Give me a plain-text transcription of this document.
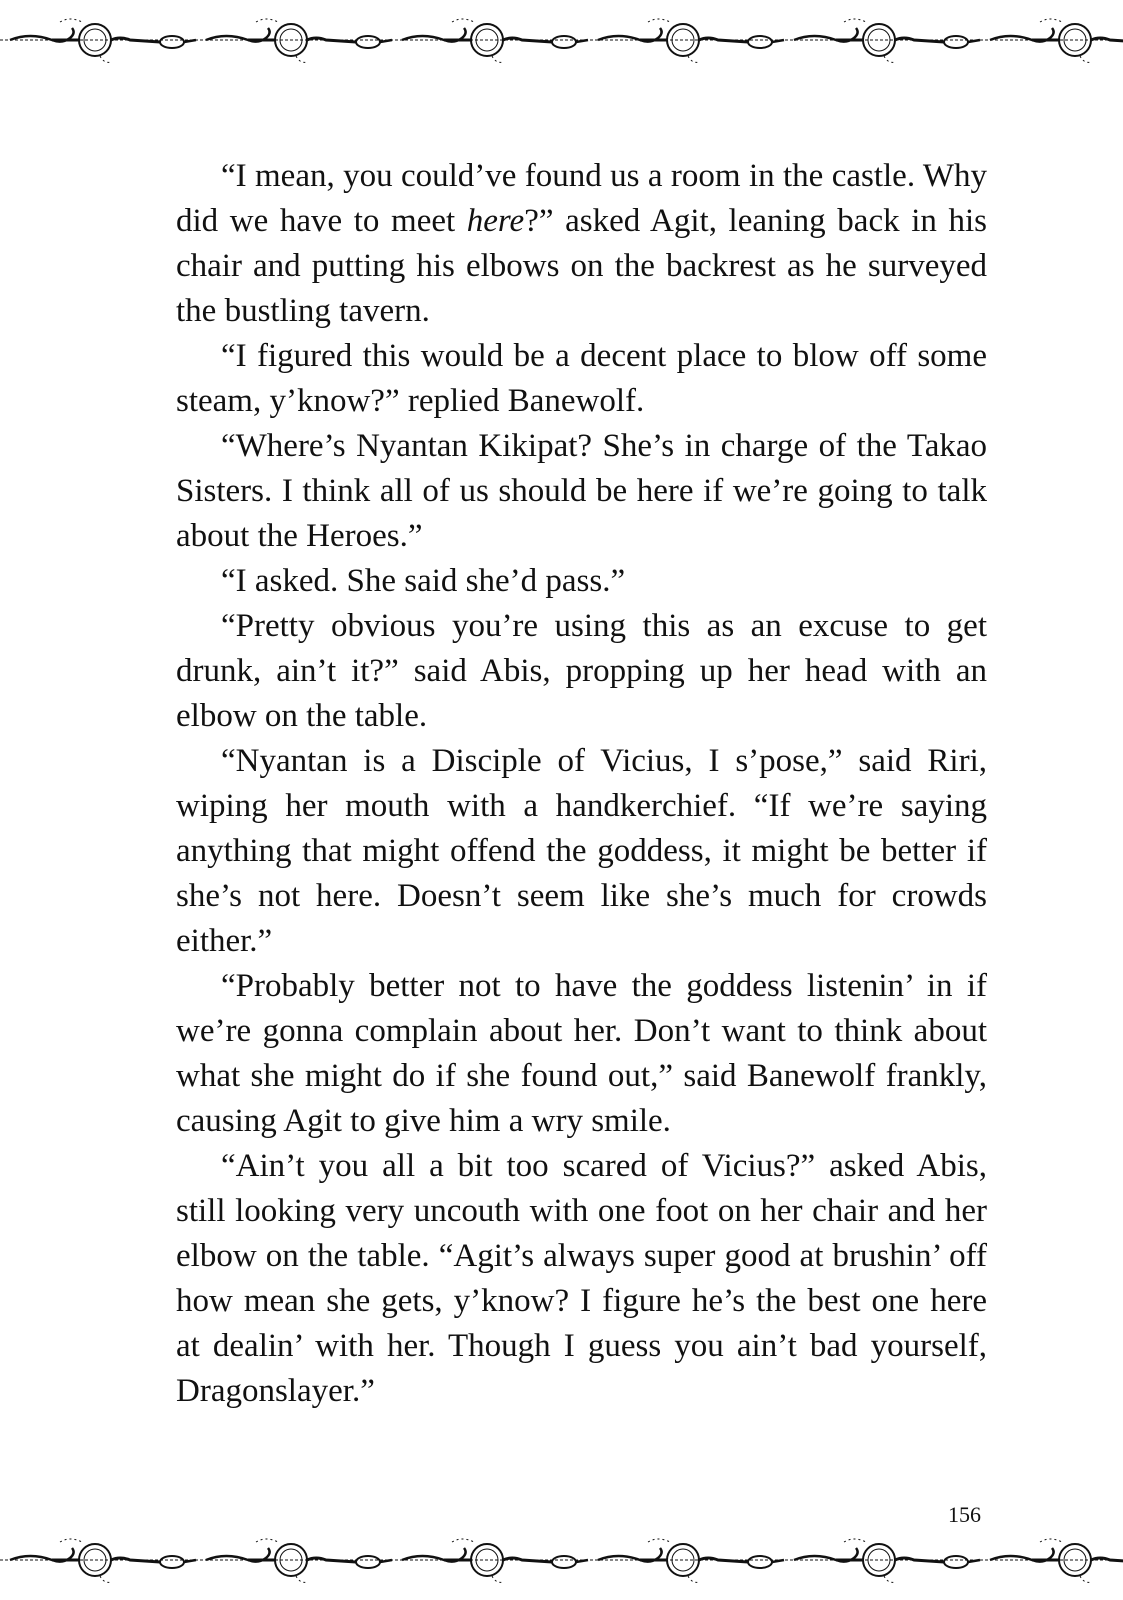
“I mean, you could’ve found us a room in the castle. Why did we have to meet here?” asked Agit, leaning back in his chair and putting his elbows on the backrest as he surveyed the bustling tavern.

“I figured this would be a decent place to blow off some steam, y’know?” replied Banewolf.

“Where’s Nyantan Kikipat? She’s in charge of the Takao Sisters. I think all of us should be here if we’re going to talk about the Heroes.”

“I asked. She said she’d pass.”

“Pretty obvious you’re using this as an excuse to get drunk, ain’t it?” said Abis, propping up her head with an elbow on the table.

“Nyantan is a Disciple of Vicius, I s’pose,” said Riri, wiping her mouth with a handkerchief. “If we’re saying anything that might offend the goddess, it might be better if she’s not here. Doesn’t seem like she’s much for crowds either.”

“Probably better not to have the goddess listenin’ in if we’re gonna complain about her. Don’t want to think about what she might do if she found out,” said Banewolf frankly, causing Agit to give him a wry smile.

“Ain’t you all a bit too scared of Vicius?” asked Abis, still looking very uncouth with one foot on her chair and her elbow on the table. “Agit’s always super good at brushin’ off how mean she gets, y’know? I figure he’s the best one here at dealin’ with her. Though I guess you ain’t bad yourself, Dragonslayer.”

156
